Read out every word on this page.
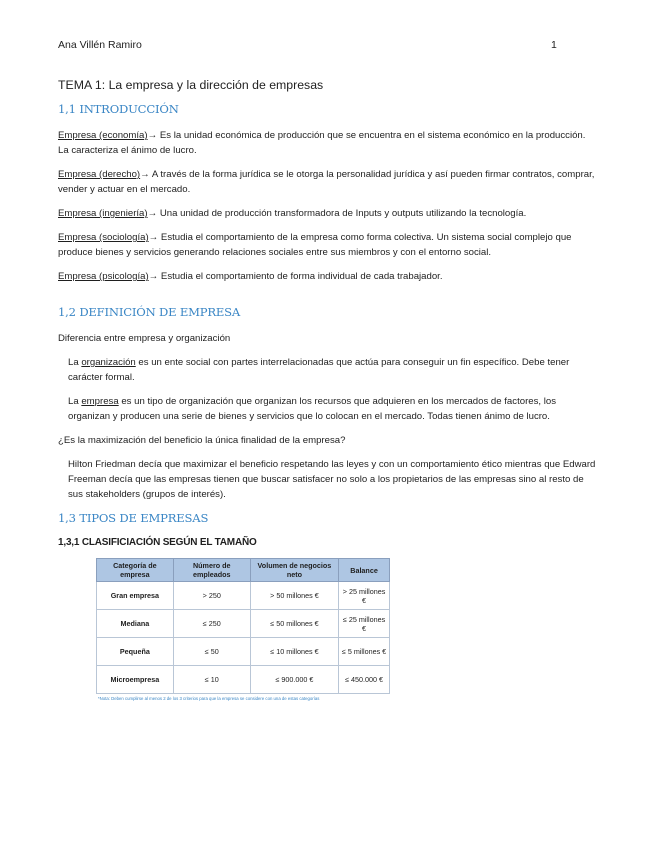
Ana Villén Ramiro	1
TEMA 1: La empresa y la dirección de empresas
1,1 INTRODUCCIÓN
Empresa (economía)→ Es la unidad económica de producción que se encuentra en el sistema económico en la producción. La caracteriza el ánimo de lucro.
Empresa (derecho)→ A través de la forma jurídica se le otorga la personalidad jurídica y así pueden firmar contratos, comprar, vender y actuar en el mercado.
Empresa (ingeniería)→ Una unidad de producción transformadora de Inputs y outputs utilizando la tecnología.
Empresa (sociología)→ Estudia el comportamiento de la empresa como forma colectiva. Un sistema social complejo que produce bienes y servicios generando relaciones sociales entre sus miembros y con el entorno social.
Empresa (psicología)→ Estudia el comportamiento de forma individual de cada trabajador.
1,2 DEFINICIÓN DE EMPRESA
Diferencia entre empresa y organización
La organización es un ente social con partes interrelacionadas que actúa para conseguir un fin específico. Debe tener carácter formal.
La empresa es un tipo de organización que organizan los recursos que adquieren en los mercados de factores, los organizan y producen una serie de bienes y servicios que lo colocan en el mercado. Todas tienen ánimo de lucro.
¿Es la maximización del beneficio la única finalidad de la empresa?
Hilton Friedman decía que maximizar el beneficio respetando las leyes y con un comportamiento ético mientras que Edward Freeman decía que las empresas tienen que buscar satisfacer no solo a los propietarios de las empresas sino al resto de sus stakeholders (grupos de interés).
1,3 TIPOS DE EMPRESAS
1,3,1 CLASIFICIACIÓN SEGÚN EL TAMAÑO
Categoría de empresa	Número de empleados	Volumen de negocios neto	Balance
Gran empresa	> 250	> 50 millones €	> 25 millones €
Mediana	≤ 250	≤ 50 millones €	≤ 25 millones €
Pequeña	≤ 50	≤ 10 millones €	≤ 5 millones €
Microempresa	≤ 10	≤ 900.000 €	≤ 450.000 €
*Nota: Deben cumplirse al menos 2 de los 3 criterios para que la empresa se considere con una de estas categorías
